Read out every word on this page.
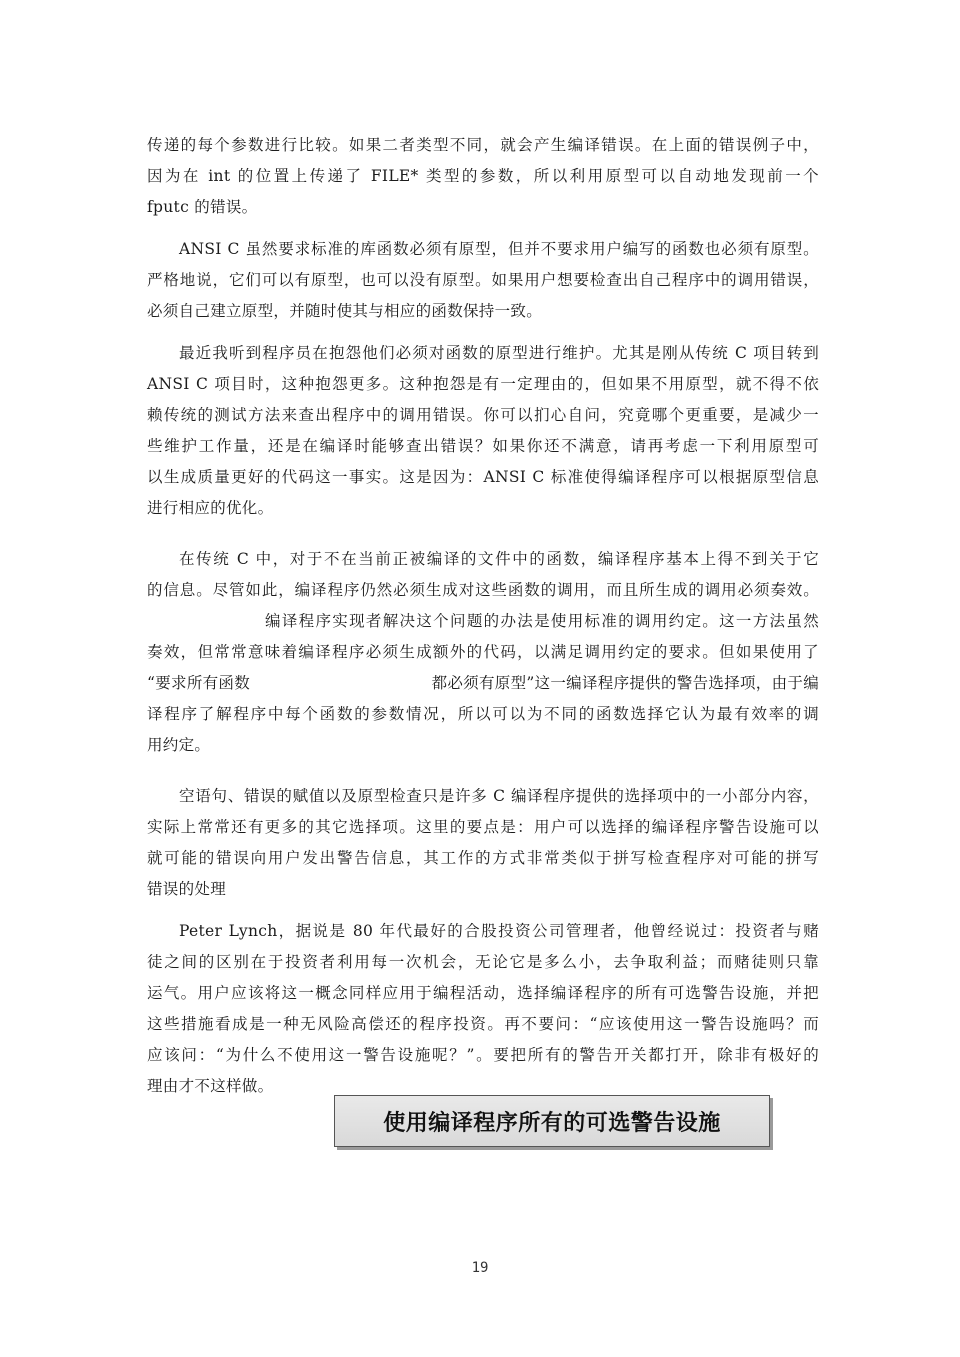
传递的每个参数进行比较。如果二者类型不同，就会产生编译错误。在上面的错误例子中，
因为在 int 的位置上传递了 FILE* 类型的参数，所以利用原型可以自动地发现前一个
fputc 的错误。
ANSI C 虽然要求标准的库函数必须有原型，但并不要求用户编写的函数也必须有原型。
严格地说，它们可以有原型，也可以没有原型。如果用户想要检查出自己程序中的调用错误，
必须自己建立原型，并随时使其与相应的函数保持一致。
最近我听到程序员在抱怨他们必须对函数的原型进行维护。尤其是刚从传统 C 项目转到
ANSI C 项目时，这种抱怨更多。这种抱怨是有一定理由的，但如果不用原型，就不得不依
赖传统的测试方法来查出程序中的调用错误。你可以扪心自问，究竟哪个更重要，是减少一
些维护工作量，还是在编译时能够查出错误？如果你还不满意，请再考虑一下利用原型可
以生成质量更好的代码这一事实。这是因为：ANSI C 标准使得编译程序可以根据原型信息
进行相应的优化。
在传统 C 中，对于不在当前正被编译的文件中的函数，编译程序基本上得不到关于它
的信息。尽管如此，编译程序仍然必须生成对这些函数的调用，而且所生成的调用必须奏效。
编译程序实现者解决这个问题的办法是使用标准的调用约定。这一方法虽然
奏效，但常常意味着编译程序必须生成额外的代码，以满足调用约定的要求。但如果使用了
“要求所有函数	都必须有原型”这一编译程序提供的警告选择项，由于编
译程序了解程序中每个函数的参数情况，所以可以为不同的函数选择它认为最有效率的调
用约定。
空语句、错误的赋值以及原型检查只是许多 C 编译程序提供的选择项中的一小部分内容，
实际上常常还有更多的其它选择项。这里的要点是：用户可以选择的编译程序警告设施可以
就可能的错误向用户发出警告信息，其工作的方式非常类似于拼写检查程序对可能的拼写
错误的处理
Peter Lynch，据说是 80 年代最好的合股投资公司管理者，他曾经说过：投资者与赌
徒之间的区别在于投资者利用每一次机会，无论它是多么小，去争取利益；而赌徒则只靠
运气。用户应该将这一概念同样应用于编程活动，选择编译程序的所有可选警告设施，并把
这些措施看成是一种无风险高偿还的程序投资。再不要问：“应该使用这一警告设施吗？而
应该问：“为什么不使用这一警告设施呢？”。要把所有的警告开关都打开，除非有极好的
理由才不这样做。
使用编译程序所有的可选警告设施
19
